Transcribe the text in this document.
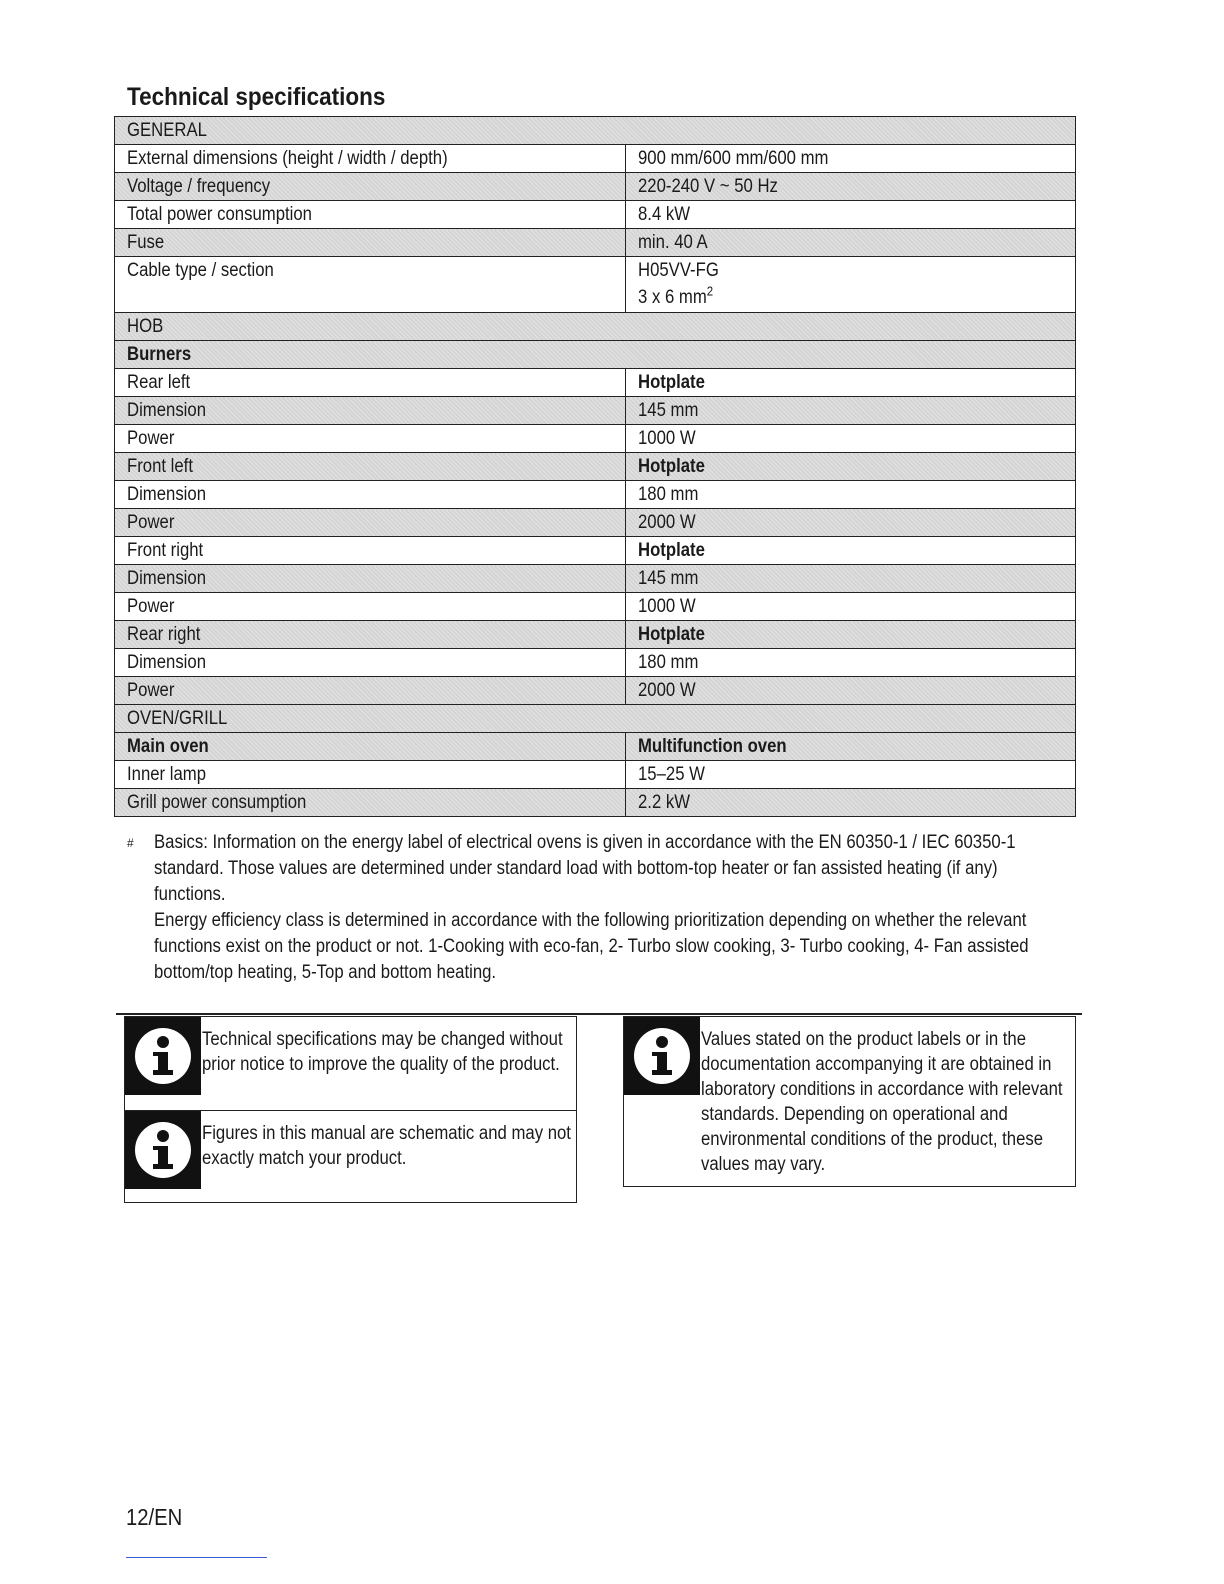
Technical specifications
GENERAL	
External dimensions (height / width / depth)	900 mm/600 mm/600 mm
Voltage / frequency	220-240 V ~ 50 Hz
Total power consumption	8.4 kW
Fuse	min. 40 A
Cable type / section	H05VV-FG
3 x 6 $mm^2$
HOB	
Burners	
Rear left	Hotplate
Dimension	145 mm
Power	1000 W
Front left	Hotplate
Dimension	180 mm
Power	2000 W
Front right	Hotplate
Dimension	145 mm
Power	1000 W
Rear right	Hotplate
Dimension	180 mm
Power	2000 W
OVEN/GRILL	
Main oven	Multifunction oven
Inner lamp	15–25 W
Grill power consumption	2.2 kW
# Basics: Information on the energy label of electrical ovens is given in accordance with the EN 60350-1 / IEC 60350-1 standard. Those values are determined under standard load with bottom-top heater or fan assisted heating (if any) functions.

Energy efficiency class is determined in accordance with the following prioritization depending on whether the relevant functions exist on the product or not. 1-Cooking with eco-fan, 2- Turbo slow cooking, 3- Turbo cooking, 4- Fan assisted bottom/top heating, 5-Top and bottom heating.

Technical specifications may be changed without prior notice to improve the quality of the product.
Figures in this manual are schematic and may not exactly match your product.
Values stated on the product labels or in the documentation accompanying it are obtained in laboratory conditions in accordance with relevant standards. Depending on operational and environmental conditions of the product, these values may vary.
12/EN
